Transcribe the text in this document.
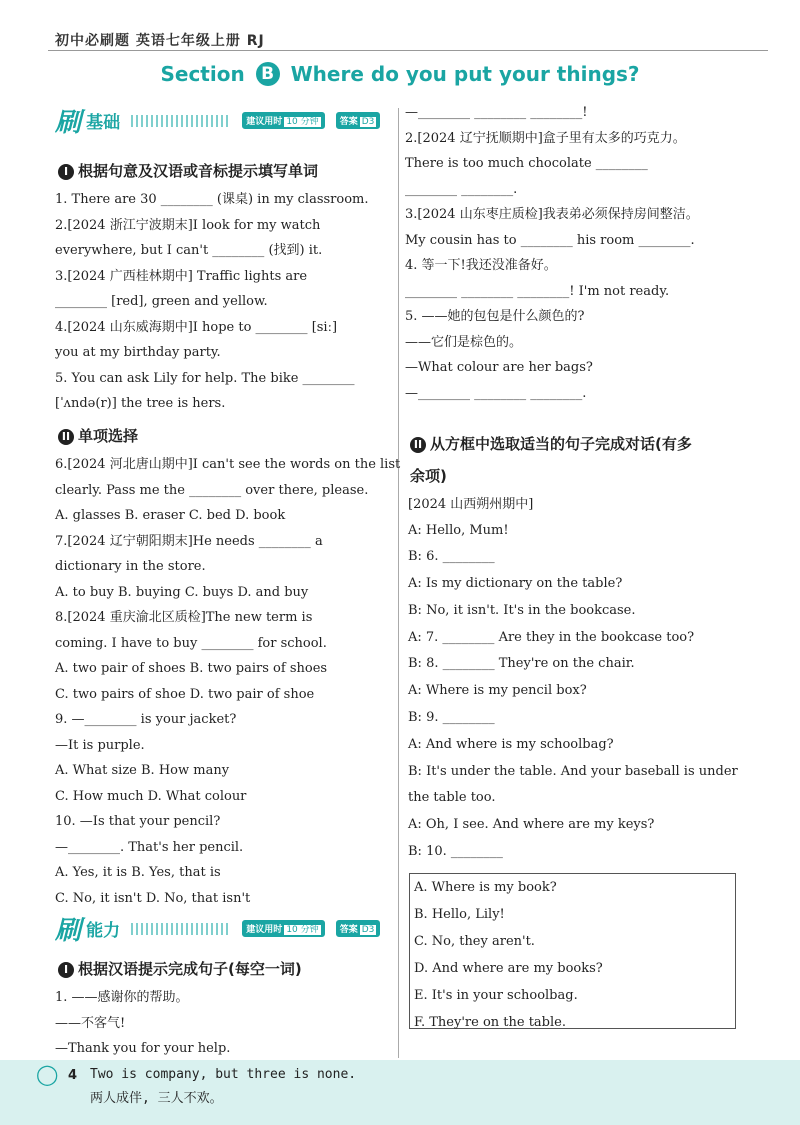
初中必刷题 英语七年级上册 RJ
Section B Where do you put your things?
刷 基础	建议用时 10 分钟 答案 D3
I 根据句意及汉语或音标提示填写单词
1. There are 30 ________ (课桌) in my classroom.
2.[2024 浙江宁波期末]I look for my watch
everywhere, but I can't ________ (找到) it.
3.[2024 广西桂林期中] Traffic lights are
________ [red], green and yellow.
4.[2024 山东威海期中]I hope to ________ [siː]
you at my birthday party.
5. You can ask Lily for help. The bike ________
[ˈʌndə(r)] the tree is hers.
II 单项选择
6.[2024 河北唐山期中]I can't see the words on the list
clearly. Pass me the ________ over there, please.
A. glasses B. eraser C. bed D. book
7.[2024 辽宁朝阳期末]He needs ________ a
dictionary in the store.
A. to buy B. buying C. buys D. and buy
8.[2024 重庆渝北区质检]The new term is
coming. I have to buy ________ for school.
A. two pair of shoes B. two pairs of shoes
C. two pairs of shoe D. two pair of shoe
9. —________ is your jacket?
—It is purple.
A. What size B. How many
C. How much D. What colour
10. —Is that your pencil?
—________. That's her pencil.
A. Yes, it is B. Yes, that is
C. No, it isn't D. No, that isn't
刷 能力	建议用时 10 分钟 答案 D3
I 根据汉语提示完成句子(每空一词)
1. ——感谢你的帮助。
——不客气!
—Thank you for your help.
—________ ________ ________!
2.[2024 辽宁抚顺期中]盒子里有太多的巧克力。
There is too much chocolate ________
________ ________.
3.[2024 山东枣庄质检]我表弟必须保持房间整洁。
My cousin has to ________ his room ________.
4. 等一下!我还没准备好。
________ ________ ________! I'm not ready.
5. ——她的包包是什么颜色的?
——它们是棕色的。
—What colour are her bags?
—________ ________ ________.
II 从方框中选取适当的句子完成对话(有多
余项)
[2024 山西朔州期中]
A: Hello, Mum!
B: 6. ________
A: Is my dictionary on the table?
B: No, it isn't. It's in the bookcase.
A: 7. ________ Are they in the bookcase too?
B: 8. ________ They're on the chair.
A: Where is my pencil box?
B: 9. ________
A: And where is my schoolbag?
B: It's under the table. And your baseball is under
the table too.
A: Oh, I see. And where are my keys?
B: 10. ________
A. Where is my book?
B. Hello, Lily!
C. No, they aren't.
D. And where are my books?
E. It's in your schoolbag.
F. They're on the table.
◯ 4 Two is company, but three is none.
两人成伴, 三人不欢。
